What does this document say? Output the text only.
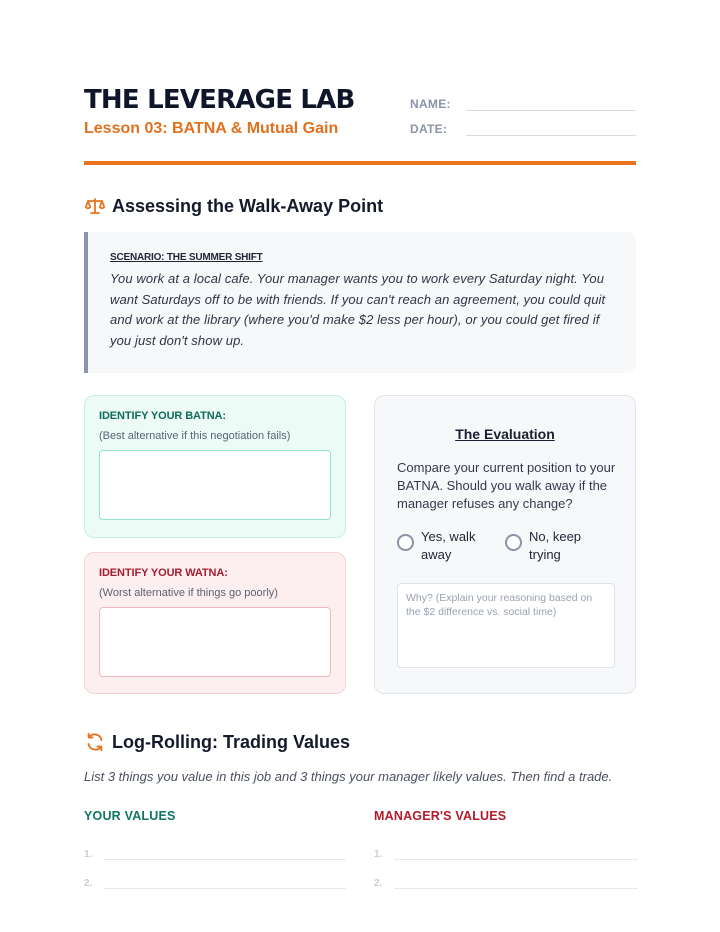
THE LEVERAGE LAB
Lesson 03: BATNA & Mutual Gain
NAME:
DATE:
Assessing the Walk-Away Point
SCENARIO: THE SUMMER SHIFT
You work at a local cafe. Your manager wants you to work every Saturday night. You want Saturdays off to be with friends. If you can't reach an agreement, you could quit and work at the library (where you'd make $2 less per hour), or you could get fired if you just don't show up.
IDENTIFY YOUR BATNA:
(Best alternative if this negotiation fails)
IDENTIFY YOUR WATNA:
(Worst alternative if things go poorly)
The Evaluation
Compare your current position to your BATNA. Should you walk away if the manager refuses any change?
Yes, walk away
No, keep trying
Why? (Explain your reasoning based on the $2 difference vs. social time)
Log-Rolling: Trading Values
List 3 things you value in this job and 3 things your manager likely values. Then find a trade.
YOUR VALUES	MANAGER'S VALUES
1.
2.
1.
2.
